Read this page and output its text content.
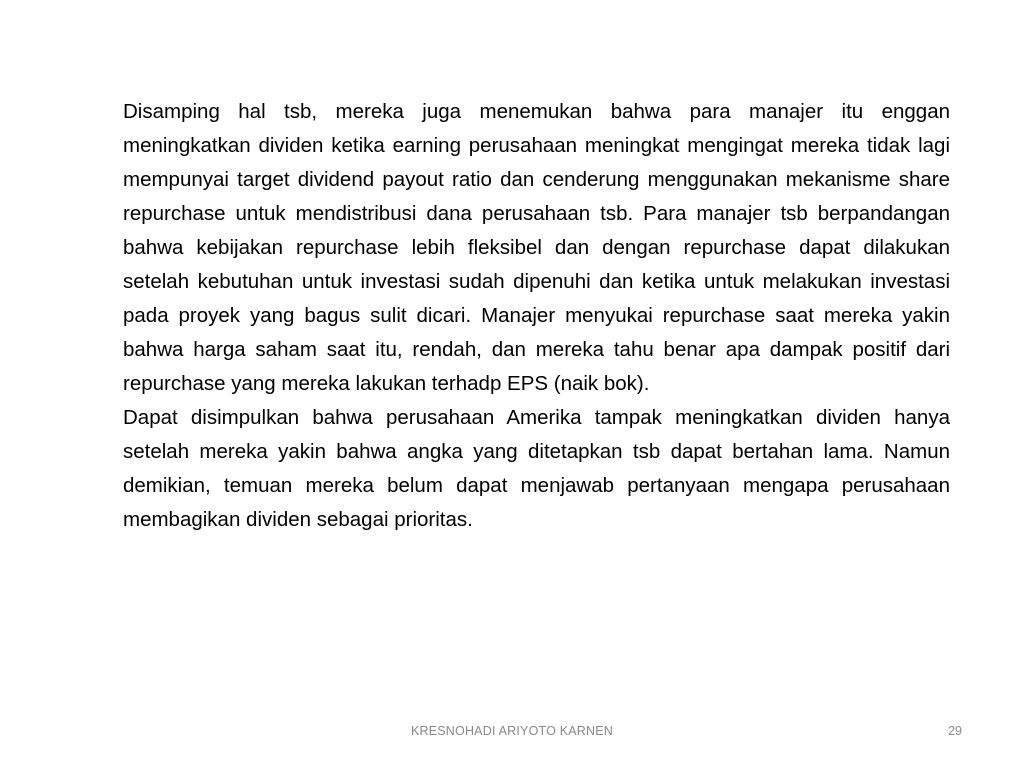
Disamping hal tsb, mereka juga menemukan bahwa para manajer itu enggan meningkatkan dividen ketika earning perusahaan meningkat mengingat mereka tidak lagi mempunyai target dividend payout ratio dan cenderung menggunakan mekanisme share repurchase untuk mendistribusi dana perusahaan tsb. Para manajer tsb berpandangan bahwa kebijakan repurchase lebih fleksibel dan dengan repurchase dapat dilakukan setelah kebutuhan untuk investasi sudah dipenuhi dan ketika untuk melakukan investasi pada proyek yang bagus sulit dicari. Manajer menyukai repurchase saat mereka yakin bahwa harga saham saat itu, rendah, dan mereka tahu benar apa dampak positif dari repurchase yang mereka lakukan terhadp EPS (naik bok).

Dapat disimpulkan bahwa perusahaan Amerika tampak meningkatkan dividen hanya setelah mereka yakin bahwa angka yang ditetapkan tsb dapat bertahan lama. Namun demikian, temuan mereka belum dapat menjawab pertanyaan mengapa perusahaan membagikan dividen sebagai prioritas.

KRESNOHADI ARIYOTO KARNEN	29
